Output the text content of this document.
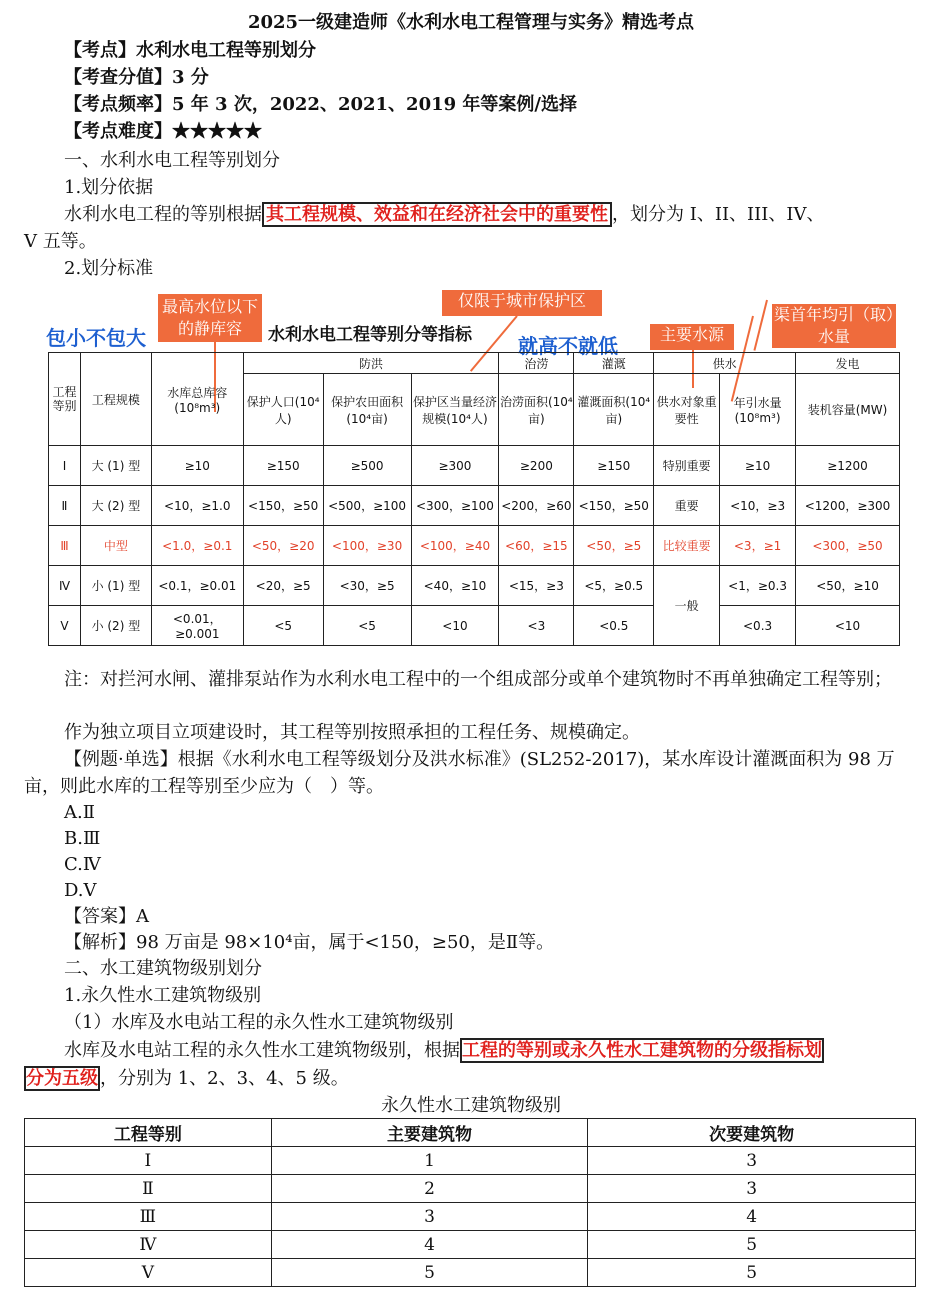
2025一级建造师《水利水电工程管理与实务》精选考点
【考点】水利水电工程等别划分
【考查分值】3 分
【考点频率】5 年 3 次，2022、2021、2019 年等案例/选择
【考点难度】★★★★★
一、水利水电工程等别划分
1.划分依据
水利水电工程的等别根据 其工程规模、效益和在经济社会中的重要性 ，划分为 I、II、III、IV、
V 五等。
2.划分标准
最高水位以下的静库容
仅限于城市保护区
主要水源
渠首年均引（取）水量
包小不包大	就高不就低
水利水电工程等别分等指标
工程等别	工程规模	水库总库容(10⁸m³)	防洪			治涝	灌溉	供水		发电
			保护人口(10⁴人)	保护农田面积(10⁴亩)	保护区当量经济规模(10⁴人)	治涝面积(10⁴亩)	灌溉面积(10⁴亩)	供水对象重要性	年引水量(10⁸m³)	装机容量(MW)
Ⅰ	大 (1) 型	≥10	≥150	≥500	≥300	≥200	≥150	特别重要	≥10	≥1200
Ⅱ	大 (2) 型	<10，≥1.0	<150，≥50	<500，≥100	<300，≥100	<200，≥60	<150，≥50	重要	<10，≥3	<1200，≥300
Ⅲ	中型	<1.0，≥0.1	<50，≥20	<100，≥30	<100，≥40	<60，≥15	<50，≥5	比较重要	<3，≥1	<300，≥50
Ⅳ	小 (1) 型	<0.1，≥0.01	<20，≥5	<30，≥5	<40，≥10	<15，≥3	<5，≥0.5	一般	<1，≥0.3	<50，≥10
Ⅴ	小 (2) 型	<0.01，≥0.001	<5	<5	<10	<3	<0.5		<0.3	<10
注：对拦河水闸、灌排泵站作为水利水电工程中的一个组成部分或单个建筑物时不再单独确定工程等别；
作为独立项目立项建设时，其工程等别按照承担的工程任务、规模确定。
【例题·单选】根据《水利水电工程等级划分及洪水标准》(SL252-2017)，某水库设计灌溉面积为 98 万亩，则此水库的工程等别至少应为（　）等。
A.Ⅱ
B.Ⅲ
C.Ⅳ
D.Ⅴ
【答案】A
【解析】98 万亩是 98×10⁴亩，属于<150，≥50，是Ⅱ等。
二、水工建筑物级别划分
1.永久性水工建筑物级别
（1）水库及水电站工程的永久性水工建筑物级别
水库及水电站工程的永久性水工建筑物级别，根据 工程的等别或永久性水工建筑物的分级指标划
分为五级 ，分别为 1、2、3、4、5 级。
永久性水工建筑物级别
工程等别	主要建筑物	次要建筑物
Ⅰ	1	3
Ⅱ	2	3
Ⅲ	3	4
Ⅳ	4	5
Ⅴ	5	5
